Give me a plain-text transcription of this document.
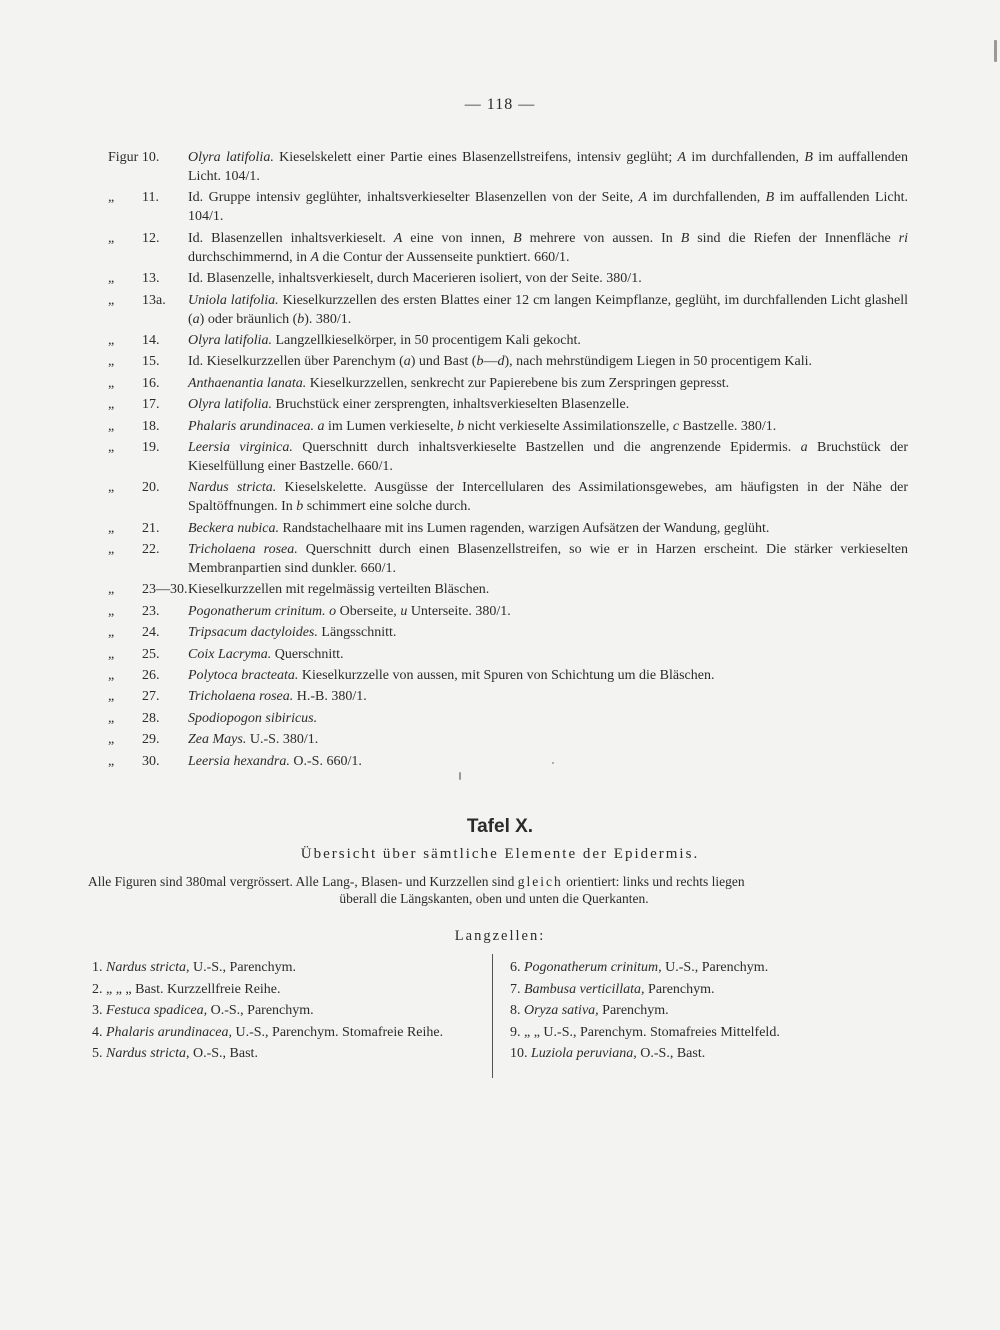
— 118 —
Figur 10.	Olyra latifolia. Kieselskelett einer Partie eines Blasenzellstreifens, intensiv geglüht; A im durchfallenden, B im auffallenden Licht. 104/1.
„ 11.	Id. Gruppe intensiv geglühter, inhaltsverkieselter Blasenzellen von der Seite, A im durchfallenden, B im auffallenden Licht. 104/1.
„ 12.	Id. Blasenzellen inhaltsverkieselt. A eine von innen, B mehrere von aussen. In B sind die Riefen der Innenfläche ri durchschimmernd, in A die Contur der Aussenseite punktiert. 660/1.
„ 13.	Id. Blasenzelle, inhaltsverkieselt, durch Macerieren isoliert, von der Seite. 380/1.
„ 13a.	Uniola latifolia. Kieselkurzzellen des ersten Blattes einer 12 cm langen Keimpflanze, geglüht, im durchfallenden Licht glashell (a) oder bräunlich (b). 380/1.
„ 14.	Olyra latifolia. Langzellkieselkörper, in 50 procentigem Kali gekocht.
„ 15.	Id. Kieselkurzzellen über Parenchym (a) und Bast (b—d), nach mehrstündigem Liegen in 50 procentigem Kali.
„ 16.	Anthaenantia lanata. Kieselkurzzellen, senkrecht zur Papierebene bis zum Zerspringen gepresst.
„ 17.	Olyra latifolia. Bruchstück einer zersprengten, inhaltsverkieselten Blasenzelle.
„ 18.	Phalaris arundinacea. a im Lumen verkieselte, b nicht verkieselte Assimilationszelle, c Bastzelle. 380/1.
„ 19.	Leersia virginica. Querschnitt durch inhaltsverkieselte Bastzellen und die angrenzende Epidermis. a Bruchstück der Kieselfüllung einer Bastzelle. 660/1.
„ 20.	Nardus stricta. Kieselskelette. Ausgüsse der Intercellularen des Assimilationsgewebes, am häufigsten in der Nähe der Spaltöffnungen. In b schimmert eine solche durch.
„ 21.	Beckera nubica. Randstachelhaare mit ins Lumen ragenden, warzigen Aufsätzen der Wandung, geglüht.
„ 22.	Tricholaena rosea. Querschnitt durch einen Blasenzellstreifen, so wie er in Harzen erscheint. Die stärker verkieselten Membranpartien sind dunkler. 660/1.
„ 23—30. Kieselkurzzellen mit regelmässig verteilten Bläschen.
„ 23.	Pogonatherum crinitum. o Oberseite, u Unterseite. 380/1.
„ 24.	Tripsacum dactyloides. Längsschnitt.
„ 25.	Coix Lacryma. Querschnitt.
„ 26.	Polytoca bracteata. Kieselkurzzelle von aussen, mit Spuren von Schichtung um die Bläschen.
„ 27.	Tricholaena rosea. H.-B. 380/1.
„ 28.	Spodiopogon sibiricus.
„ 29.	Zea Mays. U.-S. 380/1.
„ 30.	Leersia hexandra. O.-S. 660/1.
Tafel X.
Übersicht über sämtliche Elemente der Epidermis.
Alle Figuren sind 380mal vergrössert. Alle Lang-, Blasen- und Kurzzellen sind gleich orientiert: links und rechts liegen
überall die Längskanten, oben und unten die Querkanten.
Langzellen:
1. Nardus stricta, U.-S., Parenchym.
2. „ „ „ Bast. Kurzzellfreie Reihe.
3. Festuca spadicea, O.-S., Parenchym.
4. Phalaris arundinacea, U.-S., Parenchym. Stomafreie Reihe.
5. Nardus stricta, O.-S., Bast.
6. Pogonatherum crinitum, U.-S., Parenchym.
7. Bambusa verticillata, Parenchym.
8. Oryza sativa, Parenchym.
9. „ „ U.-S., Parenchym. Stomafreies Mittelfeld.
10. Luziola peruviana, O.-S., Bast.
